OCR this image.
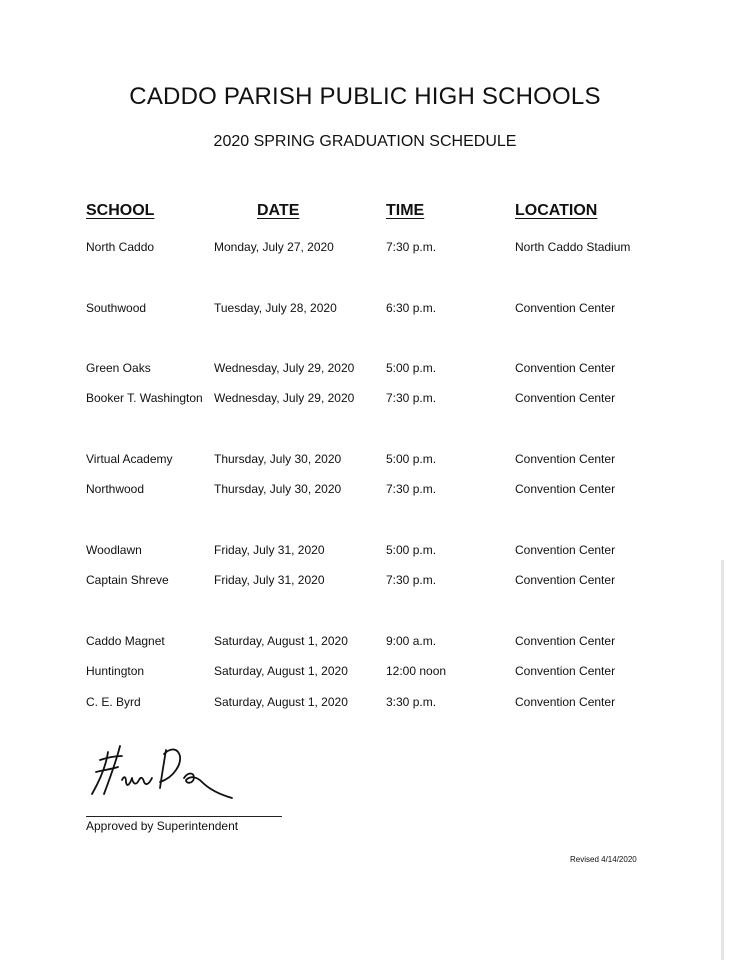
CADDO PARISH PUBLIC HIGH SCHOOLS
2020 SPRING GRADUATION SCHEDULE
SCHOOL	DATE	TIME	LOCATION
North Caddo	Monday, July 27, 2020	7:30 p.m.	North Caddo Stadium
Southwood	Tuesday, July 28, 2020	6:30 p.m.	Convention Center
Green Oaks	Wednesday, July 29, 2020	5:00 p.m.	Convention Center
Booker T. Washington Wednesday, July 29, 2020	7:30 p.m.	Convention Center
Virtual Academy	Thursday, July 30, 2020	5:00 p.m.	Convention Center
Northwood	Thursday, July 30, 2020	7:30 p.m.	Convention Center
Woodlawn	Friday, July 31, 2020	5:00 p.m.	Convention Center
Captain Shreve	Friday, July 31, 2020	7:30 p.m.	Convention Center
Caddo Magnet	Saturday, August 1, 2020	9:00 a.m.	Convention Center
Huntington	Saturday, August 1, 2020	12:00 noon	Convention Center
C. E. Byrd	Saturday, August 1, 2020	3:30 p.m.	Convention Center
Approved by Superintendent
Revised 4/14/2020
